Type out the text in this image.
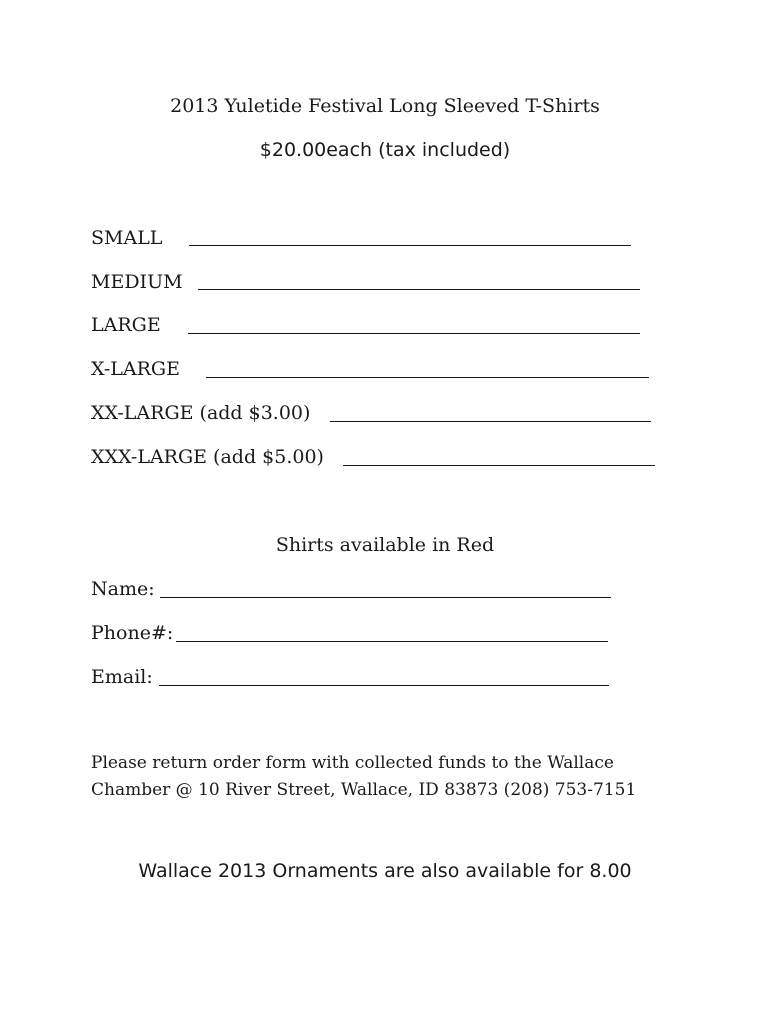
2013 Yuletide Festival Long Sleeved T-Shirts
$20.00each (tax included)
SMALL
MEDIUM
LARGE
X-LARGE
XX-LARGE (add $3.00)
XXX-LARGE (add $5.00)
Shirts available in Red
Name:
Phone#:
Email:
Please return order form with collected funds to the Wallace
Chamber @ 10 River Street, Wallace, ID 83873 (208) 753-7151
Wallace 2013 Ornaments are also available for 8.00
